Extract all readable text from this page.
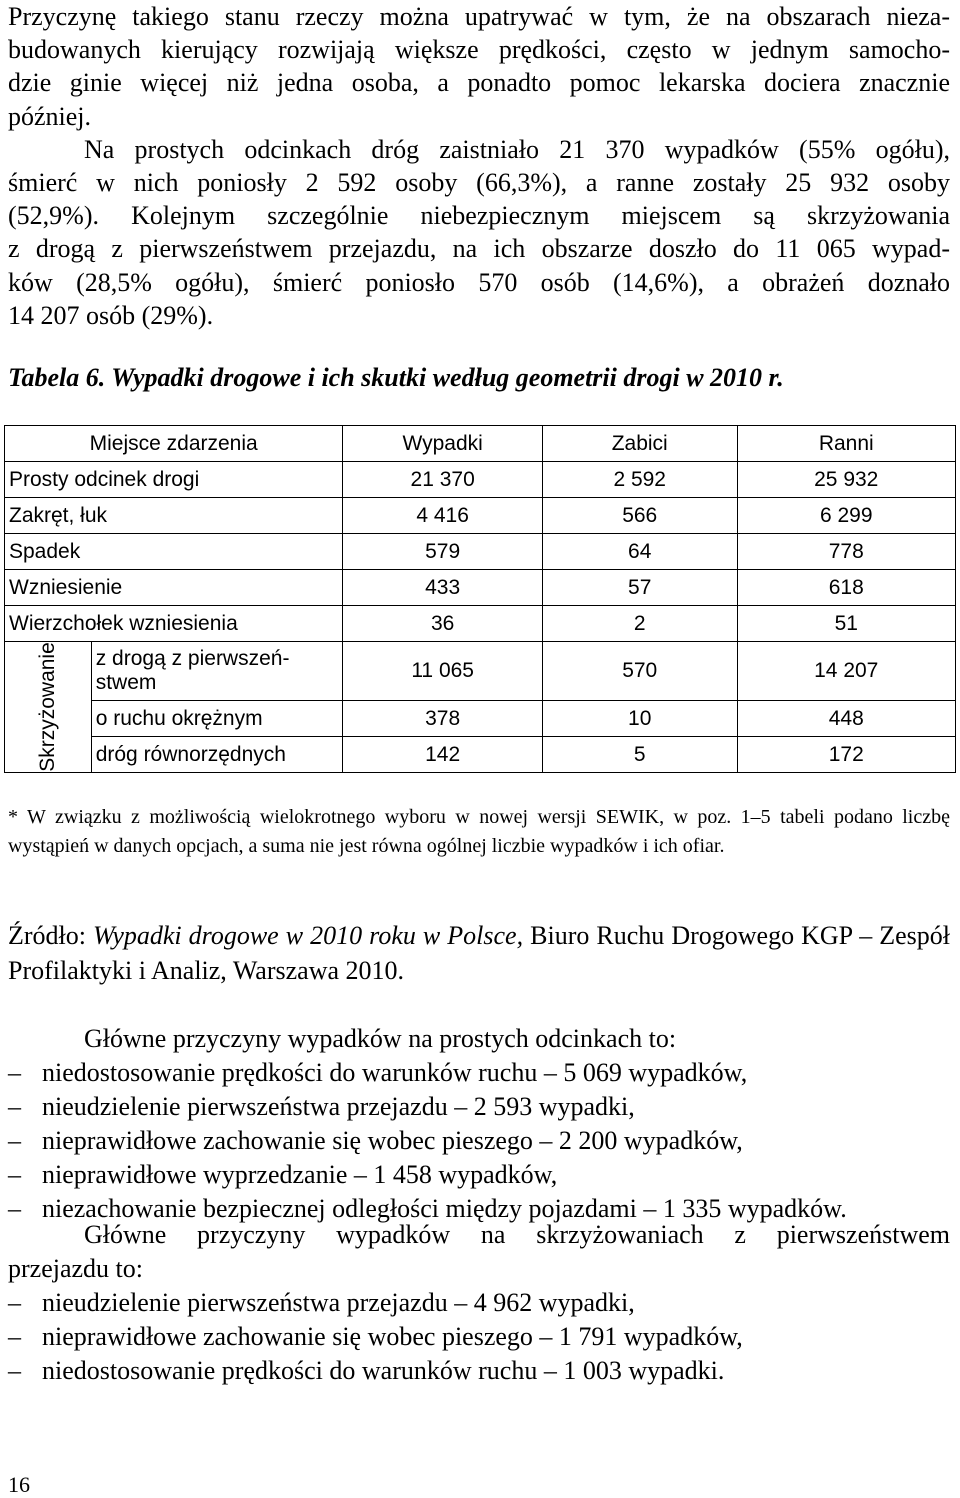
Przyczynę takiego stanu rzeczy można upatrywać w tym, że na obszarach nieza-
budowanych kierujący rozwijają większe prędkości, często w jednym samocho-
dzie ginie więcej niż jedna osoba, a ponadto pomoc lekarska dociera znacznie
później.
Na prostych odcinkach dróg zaistniało 21 370 wypadków (55% ogółu),
śmierć w nich poniosły 2 592 osoby (66,3%), a ranne zostały 25 932 osoby
(52,9%). Kolejnym szczególnie niebezpiecznym miejscem są skrzyżowania
z drogą z pierwszeństwem przejazdu, na ich obszarze doszło do 11 065 wypad-
ków (28,5% ogółu), śmierć poniosło 570 osób (14,6%), a obrażeń doznało
14 207 osób (29%).
Tabela 6. Wypadki drogowe i ich skutki według geometrii drogi w 2010 r.
Miejsce zdarzenia		Wypadki	Zabici	Ranni
Prosty odcinek drogi		21 370	2 592	25 932
Zakręt, łuk		4 416	566	6 299
Spadek		579	64	778
Wzniesienie		433	57	618
Wierzchołek wzniesienia		36	2	51

Skrzyżowanie	z drogą z pierwszeń-
stwem	11 065	570	14 207
	o ruchu okrężnym	378	10	448
	dróg równorzędnych	142	5	172
* W związku z możliwością wielokrotnego wyboru w nowej wersji SEWIK, w poz. 1–5 tabeli podano liczbę wystąpień w danych opcjach, a suma nie jest równa ogólnej liczbie wypadków i ich ofiar.
Źródło: Wypadki drogowe w 2010 roku w Polsce, Biuro Ruchu Drogowego KGP – Zespół Profilaktyki i Analiz, Warszawa 2010.
Główne przyczyny wypadków na prostych odcinkach to:
– niedostosowanie prędkości do warunków ruchu – 5 069 wypadków,
– nieudzielenie pierwszeństwa przejazdu – 2 593 wypadki,
– nieprawidłowe zachowanie się wobec pieszego – 2 200 wypadków,
– nieprawidłowe wyprzedzanie – 1 458 wypadków,
– niezachowanie bezpiecznej odległości między pojazdami – 1 335 wypadków.
Główne przyczyny wypadków na skrzyżowaniach z pierwszeństwem
przejazdu to:
– nieudzielenie pierwszeństwa przejazdu – 4 962 wypadki,
– nieprawidłowe zachowanie się wobec pieszego – 1 791 wypadków,
– niedostosowanie prędkości do warunków ruchu – 1 003 wypadki.
16
